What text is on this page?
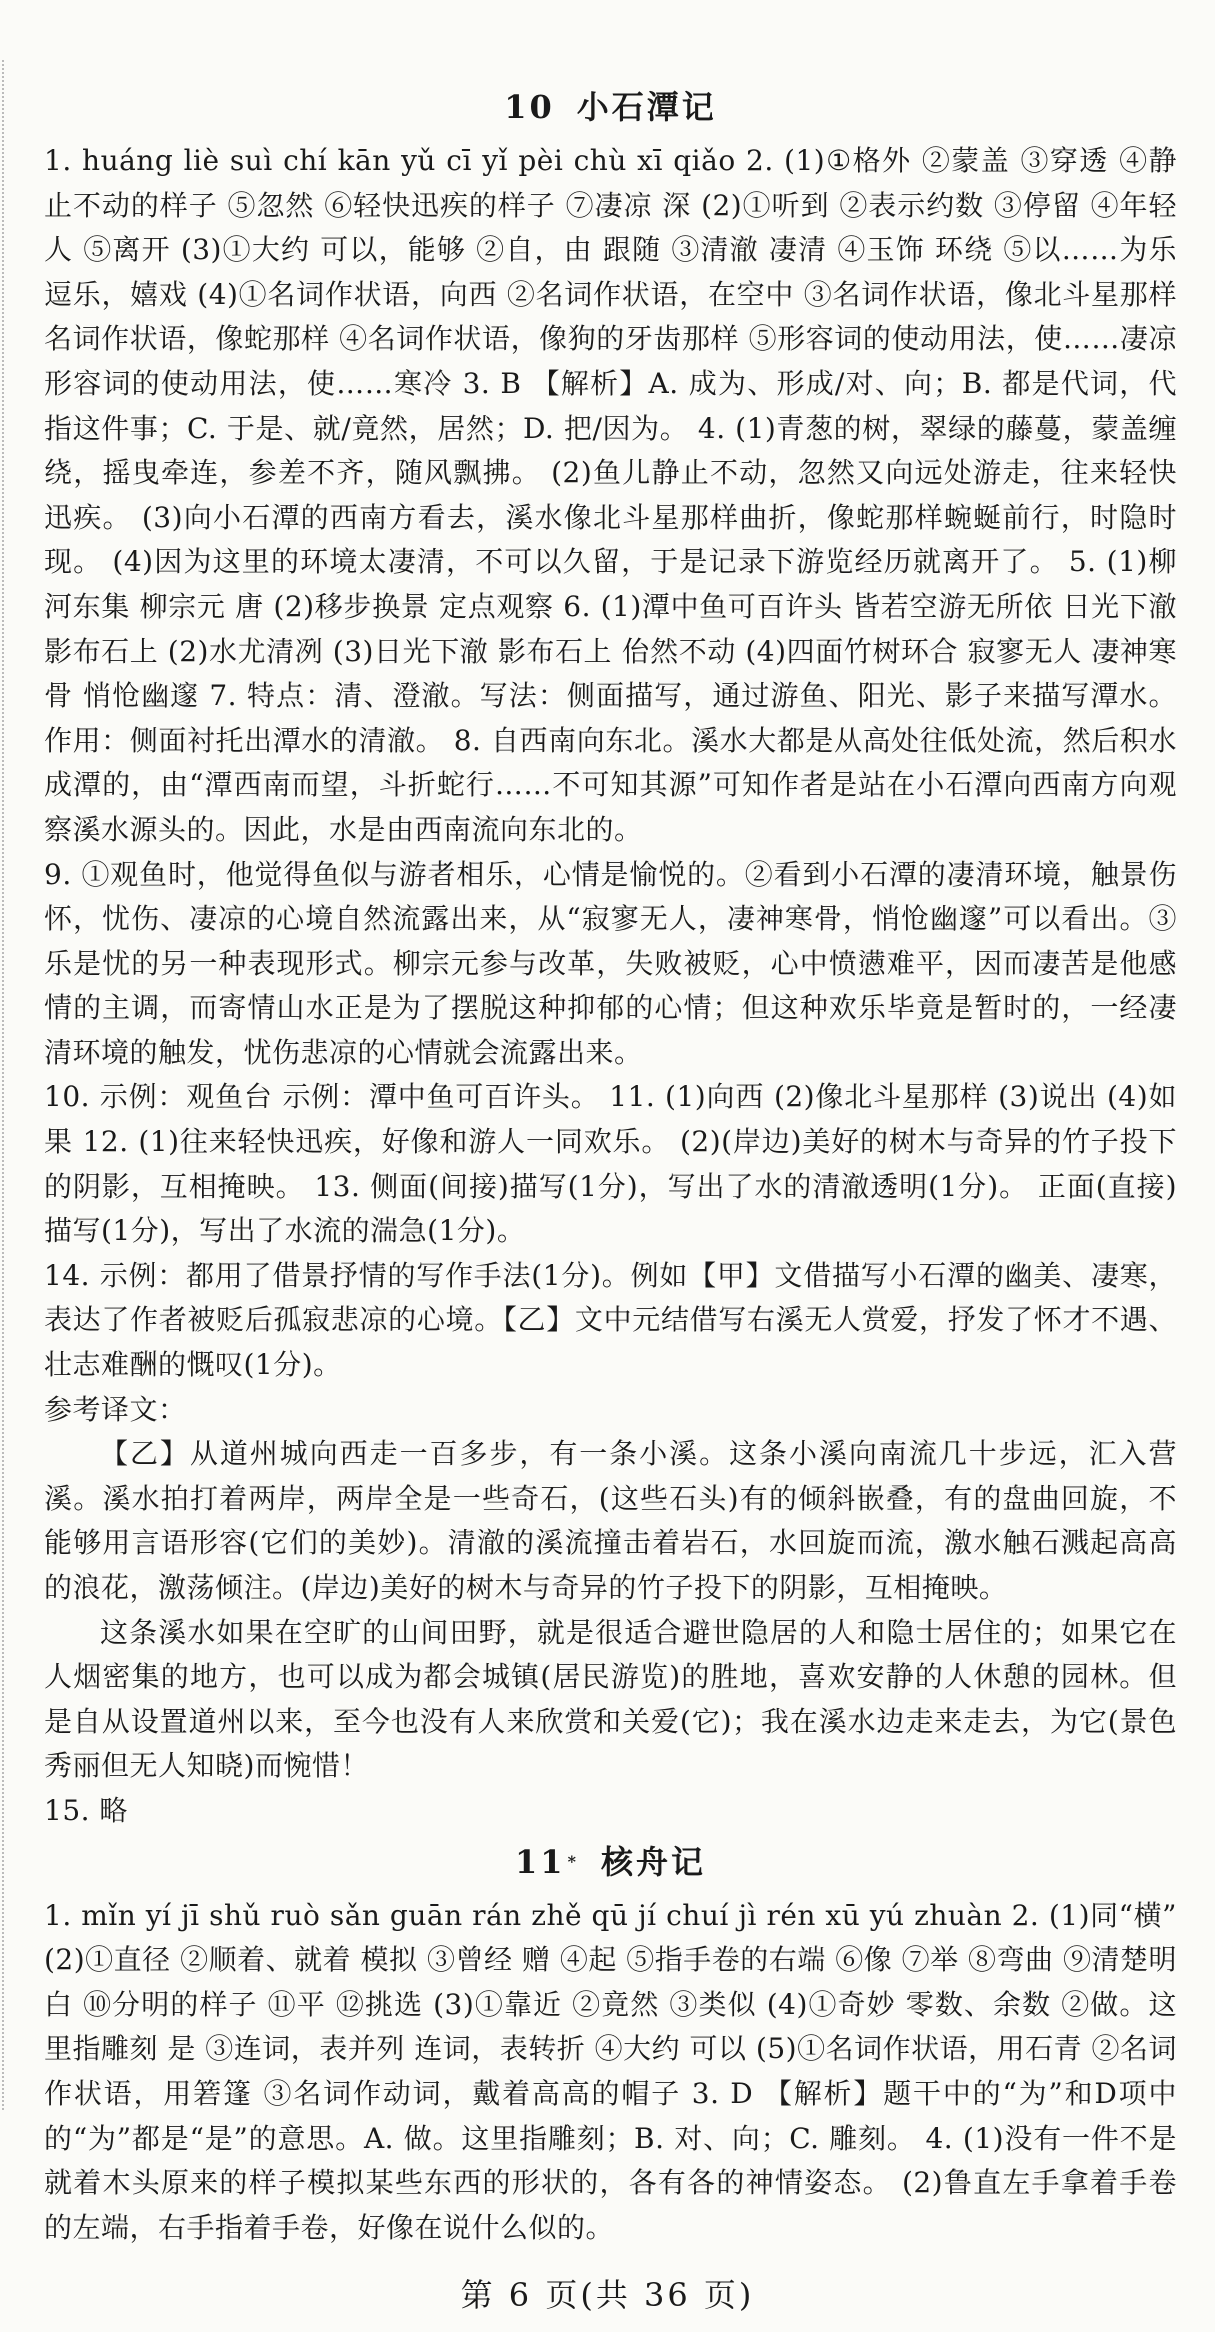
10 小石潭记

1. huáng liè suì chí kān yǔ cī yǐ pèi chù xī qiǎo 2. (1)①格外 ②蒙盖 ③穿透 ④静止不动的样子 ⑤忽然 ⑥轻快迅疾的样子 ⑦凄凉 深 (2)①听到 ②表示约数 ③停留 ④年轻人 ⑤离开 (3)①大约 可以，能够 ②自，由 跟随 ③清澈 凄清 ④玉饰 环绕 ⑤以……为乐 逗乐，嬉戏 (4)①名词作状语，向西 ②名词作状语，在空中 ③名词作状语，像北斗星那样 名词作状语，像蛇那样 ④名词作状语，像狗的牙齿那样 ⑤形容词的使动用法，使……凄凉 形容词的使动用法，使……寒冷 3. B 【解析】A. 成为、形成/对、向；B. 都是代词，代指这件事；C. 于是、就/竟然，居然；D. 把/因为。 4. (1)青葱的树，翠绿的藤蔓，蒙盖缠绕，摇曳牵连，参差不齐，随风飘拂。 (2)鱼儿静止不动，忽然又向远处游走，往来轻快迅疾。 (3)向小石潭的西南方看去，溪水像北斗星那样曲折，像蛇那样蜿蜒前行，时隐时现。 (4)因为这里的环境太凄清，不可以久留，于是记录下游览经历就离开了。 5. (1)柳河东集 柳宗元 唐 (2)移步换景 定点观察 6. (1)潭中鱼可百许头 皆若空游无所依 日光下澈 影布石上 (2)水尤清冽 (3)日光下澈 影布石上 佁然不动 (4)四面竹树环合 寂寥无人 凄神寒骨 悄怆幽邃 7. 特点：清、澄澈。写法：侧面描写，通过游鱼、阳光、影子来描写潭水。作用：侧面衬托出潭水的清澈。 8. 自西南向东北。溪水大都是从高处往低处流，然后积水成潭的，由“潭西南而望，斗折蛇行……不可知其源”可知作者是站在小石潭向西南方向观察溪水源头的。因此，水是由西南流向东北的。

9. ①观鱼时，他觉得鱼似与游者相乐，心情是愉悦的。②看到小石潭的凄清环境，触景伤怀，忧伤、凄凉的心境自然流露出来，从“寂寥无人，凄神寒骨，悄怆幽邃”可以看出。③乐是忧的另一种表现形式。柳宗元参与改革，失败被贬，心中愤懑难平，因而凄苦是他感情的主调，而寄情山水正是为了摆脱这种抑郁的心情；但这种欢乐毕竟是暂时的，一经凄清环境的触发，忧伤悲凉的心情就会流露出来。

10. 示例：观鱼台 示例：潭中鱼可百许头。 11. (1)向西 (2)像北斗星那样 (3)说出 (4)如果 12. (1)往来轻快迅疾，好像和游人一同欢乐。 (2)(岸边)美好的树木与奇异的竹子投下的阴影，互相掩映。 13. 侧面(间接)描写(1分)，写出了水的清澈透明(1分)。 正面(直接)描写(1分)，写出了水流的湍急(1分)。

14. 示例：都用了借景抒情的写作手法(1分)。例如【甲】文借描写小石潭的幽美、凄寒，表达了作者被贬后孤寂悲凉的心境。【乙】文中元结借写右溪无人赏爱，抒发了怀才不遇、壮志难酬的慨叹(1分)。

参考译文：

【乙】从道州城向西走一百多步，有一条小溪。这条小溪向南流几十步远，汇入营溪。溪水拍打着两岸，两岸全是一些奇石，(这些石头)有的倾斜嵌叠，有的盘曲回旋，不能够用言语形容(它们的美妙)。清澈的溪流撞击着岩石，水回旋而流，激水触石溅起高高的浪花，激荡倾注。(岸边)美好的树木与奇异的竹子投下的阴影，互相掩映。

这条溪水如果在空旷的山间田野，就是很适合避世隐居的人和隐士居住的；如果它在人烟密集的地方，也可以成为都会城镇(居民游览)的胜地，喜欢安静的人休憩的园林。但是自从设置道州以来，至今也没有人来欣赏和关爱(它)；我在溪水边走来走去，为它(景色秀丽但无人知晓)而惋惜！

15. 略

11 * 核舟记

1. mǐn yí jī shǔ ruò sǎn guān rán zhě qū jí chuí jì rén xū yú zhuàn 2. (1)同“横” (2)①直径 ②顺着、就着 模拟 ③曾经 赠 ④起 ⑤指手卷的右端 ⑥像 ⑦举 ⑧弯曲 ⑨清楚明白 ⑩分明的样子 ⑪平 ⑫挑选 (3)①靠近 ②竟然 ③类似 (4)①奇妙 零数、余数 ②做。这里指雕刻 是 ③连词，表并列 连词，表转折 ④大约 可以 (5)①名词作状语，用石青 ②名词作状语，用箬篷 ③名词作动词，戴着高高的帽子 3. D 【解析】题干中的“为”和D项中的“为”都是“是”的意思。A. 做。这里指雕刻；B. 对、向；C. 雕刻。 4. (1)没有一件不是就着木头原来的样子模拟某些东西的形状的，各有各的神情姿态。 (2)鲁直左手拿着手卷的左端，右手指着手卷，好像在说什么似的。

第 6 页(共 36 页)
